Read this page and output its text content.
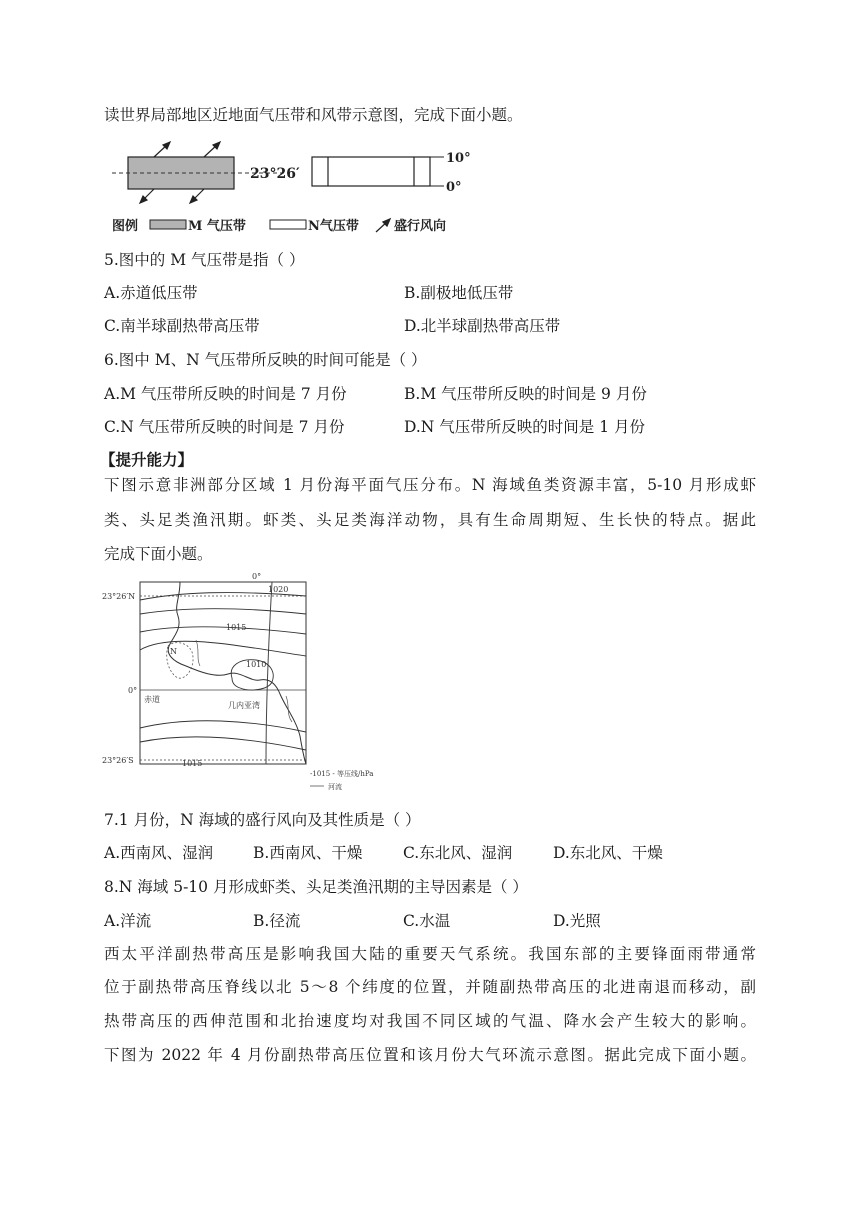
读世界局部地区近地面气压带和风带示意图，完成下面小题。
23°26′
10°
0°
图例	M 气压带	N气压带	盛行风向
5.图中的 M 气压带是指（ ）
A.赤道低压带	B.副极地低压带
C.南半球副热带高压带	D.北半球副热带高压带
6.图中 M、N 气压带所反映的时间可能是（ ）
A.M 气压带所反映的时间是 7 月份	B.M 气压带所反映的时间是 9 月份
C.N 气压带所反映的时间是 7 月份	D.N 气压带所反映的时间是 1 月份
【提升能力】
下图示意非洲部分区域 1 月份海平面气压分布。N 海域鱼类资源丰富，5-10 月形成虾
类、头足类渔汛期。虾类、头足类海洋动物，具有生命周期短、生长快的特点。据此
完成下面小题。
23°26′N
23°26′S
0°
0°
赤道
1020
1015
1010
1015
N
几内亚湾
-1015 - 等压线/hPa
河流
7.1 月份，N 海域的盛行风向及其性质是（ ）
A.西南风、湿润	B.西南风、干燥	C.东北风、湿润	D.东北风、干燥
8.N 海域 5-10 月形成虾类、头足类渔汛期的主导因素是（ ）
A.洋流	B.径流	C.水温	D.光照
西太平洋副热带高压是影响我国大陆的重要天气系统。我国东部的主要锋面雨带通常
位于副热带高压脊线以北 5～8 个纬度的位置，并随副热带高压的北进南退而移动，副
热带高压的西伸范围和北抬速度均对我国不同区域的气温、降水会产生较大的影响。
下图为 2022 年 4 月份副热带高压位置和该月份大气环流示意图。据此完成下面小题。
